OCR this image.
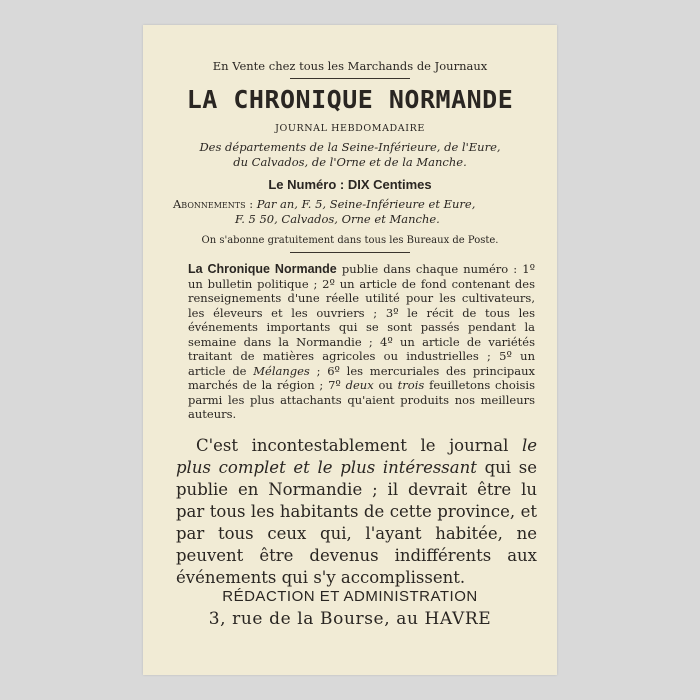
En Vente chez tous les Marchands de Journaux
LA CHRONIQUE NORMANDE
JOURNAL HEBDOMADAIRE
Des départements de la Seine-Inférieure, de l'Eure,
du Calvados, de l'Orne et de la Manche.
Le Numéro : DIX Centimes
Abonnements : Par an, F. 5, Seine-Inférieure et Eure,
F. 5 50, Calvados, Orne et Manche.
On s'abonne gratuitement dans tous les Bureaux de Poste.
La Chronique Normande publie dans chaque numéro : 1º un bulletin politique ; 2º un article de fond contenant des renseignements d'une réelle utilité pour les cultivateurs, les éleveurs et les ouvriers ; 3º le récit de tous les événements importants qui se sont passés pendant la semaine dans la Normandie ; 4º un article de variétés traitant de matières agricoles ou industrielles ; 5º un article de Mélanges ; 6º les mercuriales des principaux marchés de la région ; 7º deux ou trois feuilletons choisis parmi les plus attachants qu'aient produits nos meilleurs auteurs.
C'est incontestablement le journal le plus complet et le plus intéressant qui se publie en Normandie ; il devrait être lu par tous les habitants de cette province, et par tous ceux qui, l'ayant habitée, ne peuvent être devenus indifférents aux événements qui s'y accomplissent.
RÉDACTION ET ADMINISTRATION
3, rue de la Bourse, au HAVRE
